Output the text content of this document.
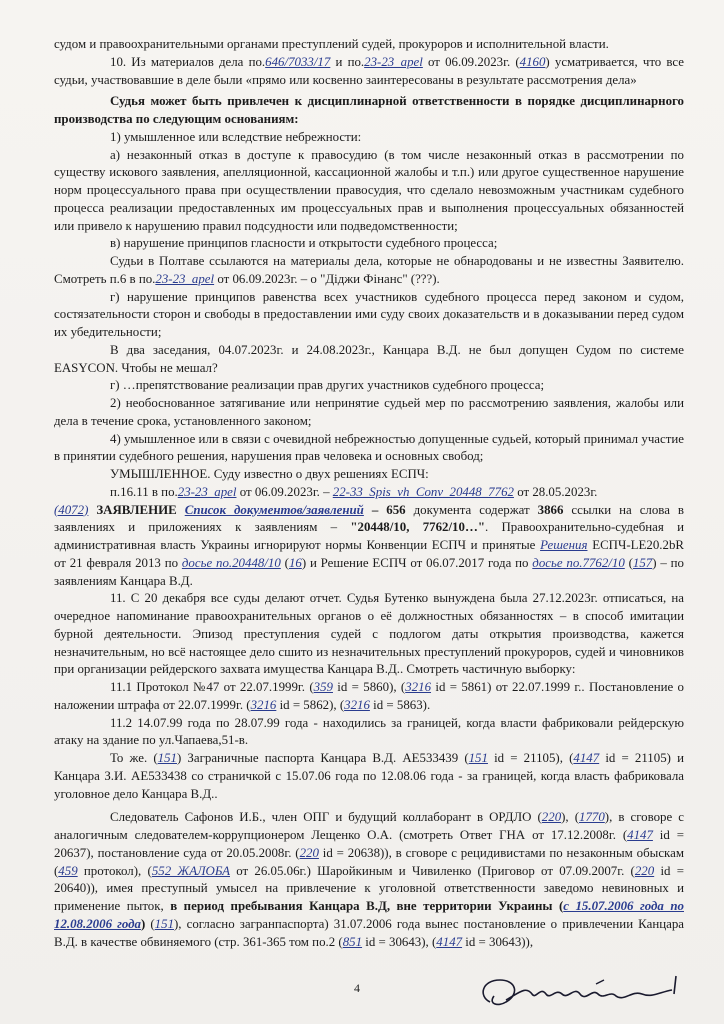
судом и правоохранительными органами преступлений судей, прокуроров и исполнительной власти.

10. Из материалов дела по.646/7033/17 и по.23-23_apel от 06.09.2023г. (4160) усматривается, что все судьи, участвовавшие в деле были «прямо или косвенно заинтересованы в результате рассмотрения дела»

Судья может быть привлечен к дисциплинарной ответственности в порядке дисциплинарного производства по следующим основаниям:

1) умышленное или вследствие небрежности:

а) незаконный отказ в доступе к правосудию (в том числе незаконный отказ в рассмотрении по существу искового заявления, апелляционной, кассационной жалобы и т.п.) или другое существенное нарушение норм процессуального права при осуществлении правосудия, что сделало невозможным участникам судебного процесса реализации предоставленных им процессуальных прав и выполнения процессуальных обязанностей или привело к нарушению правил подсудности или подведомственности;

в) нарушение принципов гласности и открытости судебного процесса;

Судьи в Полтаве ссылаются на материалы дела, которые не обнародованы и не известны Заявителю. Смотреть п.6 в по.23-23_apel от 06.09.2023г. – о "Діджи Фінанс" (???).

г) нарушение принципов равенства всех участников судебного процесса перед законом и судом, состязательности сторон и свободы в предоставлении ими суду своих доказательств и в доказывании перед судом их убедительности;

В два заседания, 04.07.2023г. и 24.08.2023г., Канцара В.Д. не был допущен Судом по системе EASYCON. Чтобы не мешал?

г) …препятствование реализации прав других участников судебного процесса;

2) необоснованное затягивание или непринятие судьей мер по рассмотрению заявления, жалобы или дела в течение срока, установленного законом;

4) умышленное или в связи с очевидной небрежностью допущенные судьей, который принимал участие в принятии судебного решения, нарушения прав человека и основных свобод;

УМЫШЛЕННОЕ. Суду известно о двух решениях ЕСПЧ:

п.16.11 в по.23-23_apel от 06.09.2023г. – 22-33_Spis_vh_Conv_20448_7762 от 28.05.2023г.

(4072) ЗАЯВЛЕНИЕ Список документов/заявлений – 656 документа содержат 3866 ссылки на слова в заявлениях и приложениях к заявлениям – "20448/10, 7762/10…". Правоохранительно-судебная и административная власть Украины игнорируют нормы Конвенции ЕСПЧ и принятые Решения ЕСПЧ-LE20.2bR от 21 февраля 2013 по досье по.20448/10 (16) и Решение ЕСПЧ от 06.07.2017 года по досье по.7762/10 (157) – по заявлениям Канцара В.Д.

11. С 20 декабря все суды делают отчет. Судья Бутенко вынуждена была 27.12.2023г. отписаться, на очередное напоминание правоохранительных органов о её должностных обязанностях – в способ имитации бурной деятельности. Эпизод преступления судей с подлогом даты открытия производства, кажется незначительным, но всё настоящее дело сшито из незначительных преступлений прокуроров, судей и чиновников при организации рейдерского захвата имущества Канцара В.Д.. Смотреть частичную выборку:

11.1 Протокол №47 от 22.07.1999г. (359 id = 5860), (3216 id = 5861) от 22.07.1999 г.. Постановление о наложении штрафа от 22.07.1999г. (3216 id = 5862), (3216 id = 5863).

11.2 14.07.99 года по 28.07.99 года - находились за границей, когда власти фабриковали рейдерскую атаку на здание по ул.Чапаева,51-в.

То же. (151) Заграничные паспорта Канцара В.Д. АЕ533439 (151 id = 21105), (4147 id = 21105) и Канцара З.И. АЕ533438 со страничкой с 15.07.06 года по 12.08.06 года - за границей, когда власть фабриковала уголовное дело Канцара В.Д..

Следователь Сафонов И.Б., член ОПГ и будущий коллаборант в ОРДЛО (220), (1770), в сговоре с аналогичным следователем-коррупционером Лещенко О.А. (смотреть Ответ ГНА от 17.12.2008г. (4147 id = 20637), постановление суда от 20.05.2008г. (220 id = 20638)), в сговоре с рецидивистами по незаконным обыскам (459 протокол), (552 ЖАЛОБА от 26.05.06г.) Шаройкиным и Чивиленко (Приговор от 07.09.2007г. (220 id = 20640)), имея преступный умысел на привлечение к уголовной ответственности заведомо невиновных и применение пыток, в период пребывания Канцара В.Д, вне территории Украины (с 15.07.2006 года по 12.08.2006 года) (151), согласно загранпаспорта) 31.07.2006 года вынес постановление о привлечении Канцара В.Д. в качестве обвиняемого (стр. 361-365 том по.2 (851 id = 30643), (4147 id = 30643)),

4
